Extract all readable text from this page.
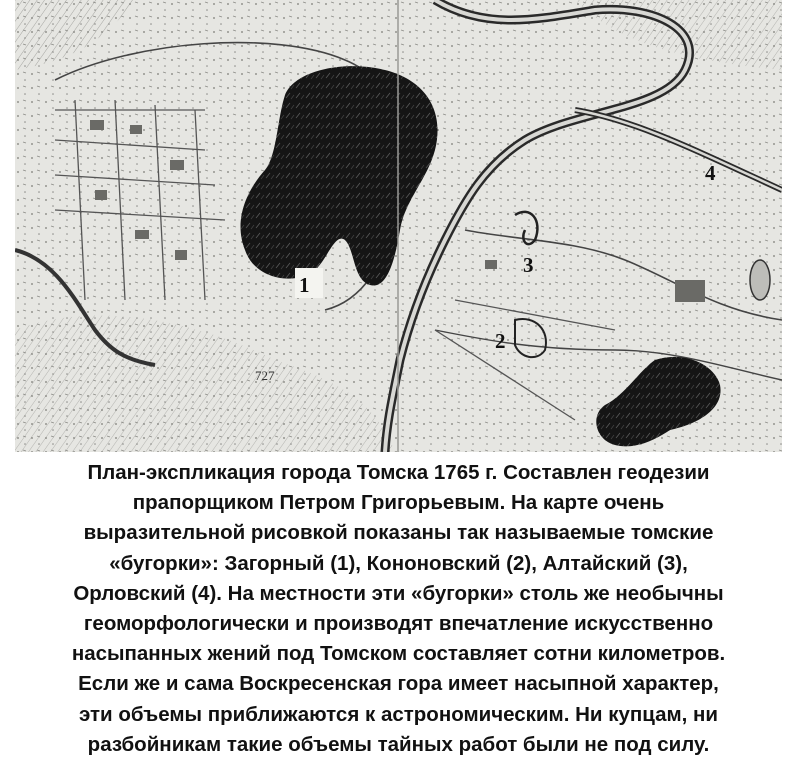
1
2
3
4
727
План-экспликация города Томска 1765 г. Составлен геодезии
прапорщиком Петром Григорьевым. На карте очень
выразительной рисовкой показаны так называемые томские
«бугорки»: Загорный (1), Кононовский (2), Алтайский (3),
Орловский (4). На местности эти «бугорки» столь же необычны
геоморфологически и производят впечатление искусственно
насыпанных жений под Томском составляет сотни километров.
Если же и сама Воскресенская гора имеет насыпной характер,
эти объемы приближаются к астрономическим. Ни купцам, ни
разбойникам такие объемы тайных работ были не под силу.
